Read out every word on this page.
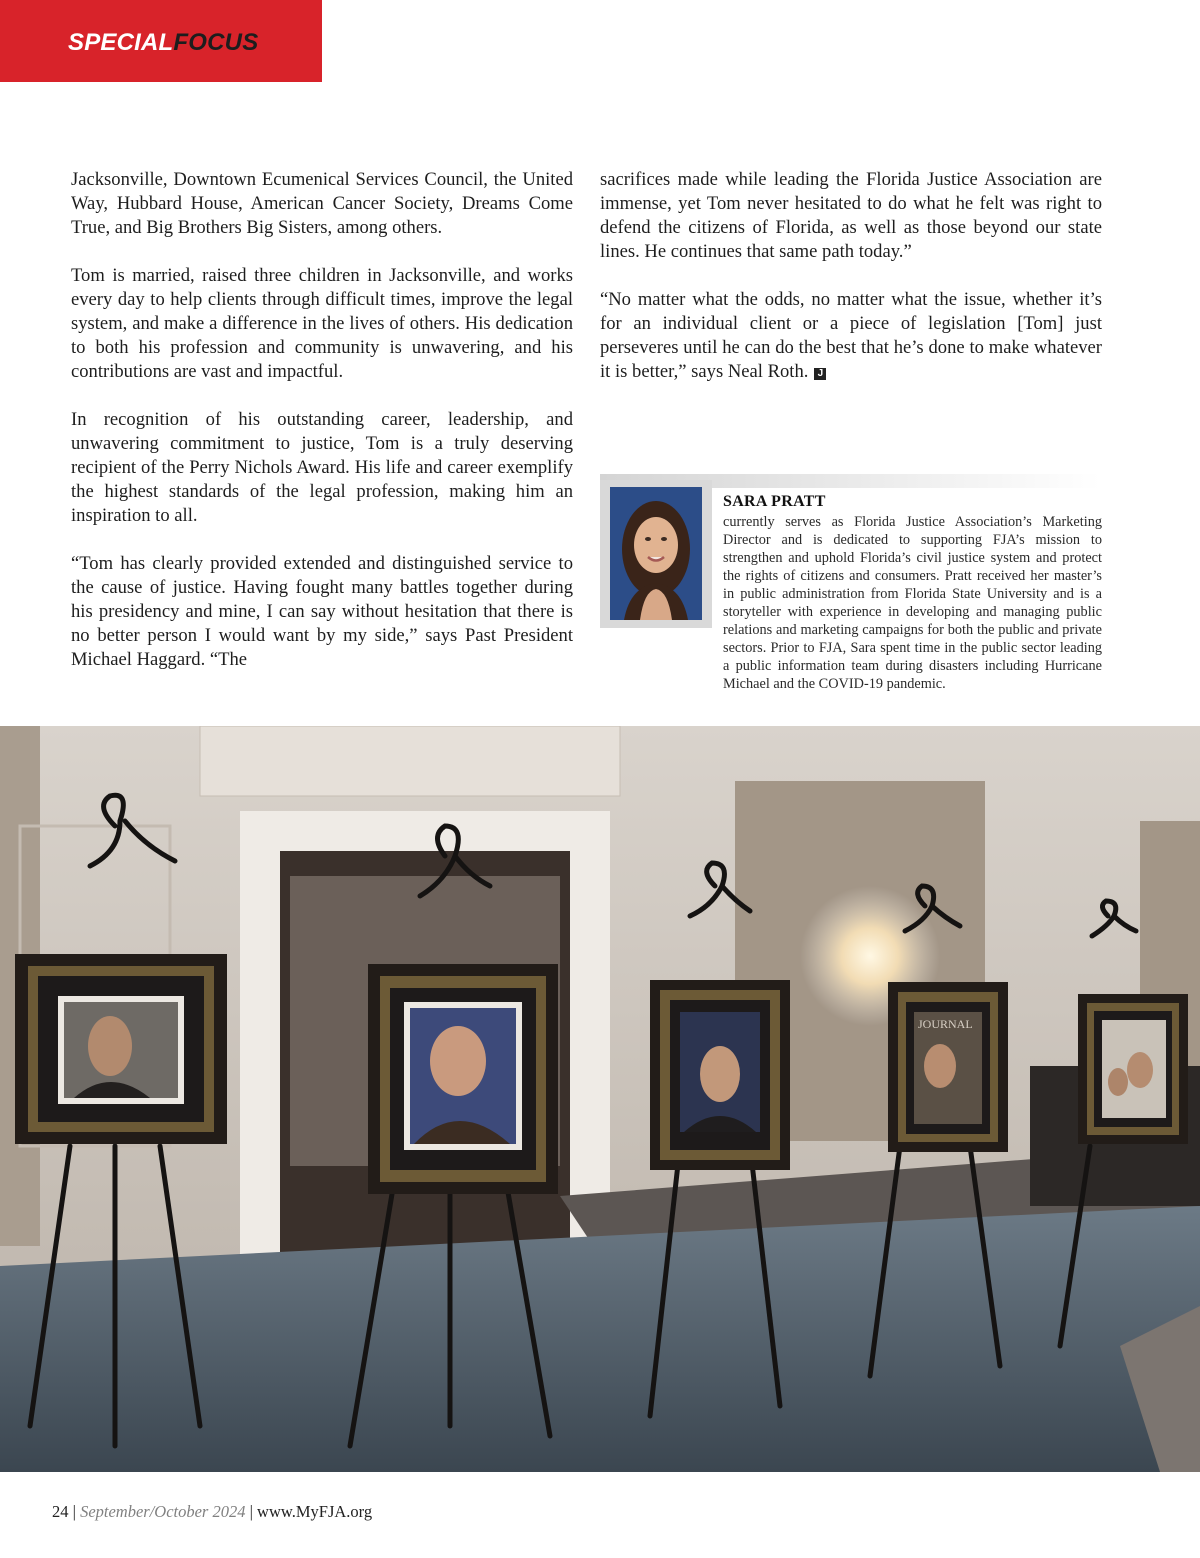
SPECIALFOCUS

Jacksonville, Downtown Ecumenical Services Council, the United Way, Hubbard House, American Cancer Society, Dreams Come True, and Big Brothers Big Sisters, among others.

Tom is married, raised three children in Jacksonville, and works every day to help clients through difficult times, improve the legal system, and make a difference in the lives of others. His dedication to both his profession and community is unwavering, and his contributions are vast and impactful.

In recognition of his outstanding career, leadership, and unwavering commitment to justice, Tom is a truly deserving recipient of the Perry Nichols Award. His life and career exemplify the highest standards of the legal profession, making him an inspiration to all.

“Tom has clearly provided extended and distinguished service to the cause of justice. Having fought many battles together during his presidency and mine, I can say without hesitation that there is no better person I would want by my side,” says Past President Michael Haggard. “The

sacrifices made while leading the Florida Justice Association are immense, yet Tom never hesitated to do what he felt was right to defend the citizens of Florida, as well as those beyond our state lines. He continues that same path today.”

“No matter what the odds, no matter what the issue, whether it’s for an individual client or a piece of legislation [Tom] just perseveres until he can do the best that he’s done to make whatever it is better,” says Neal Roth. J

SARA PRATT
currently serves as Florida Justice Association’s Marketing Director and is dedicated to supporting FJA’s mission to strengthen and uphold Florida’s civil justice system and protect the rights of citizens and consumers. Pratt received her master’s in public administration from Florida State University and is a storyteller with experience in developing and managing public relations and marketing campaigns for both the public and private sectors. Prior to FJA, Sara spent time in the public sector leading a public information team during disasters including Hurricane Michael and the COVID-19 pandemic.
JOURNAL
24 | September/October 2024 | www.MyFJA.org
